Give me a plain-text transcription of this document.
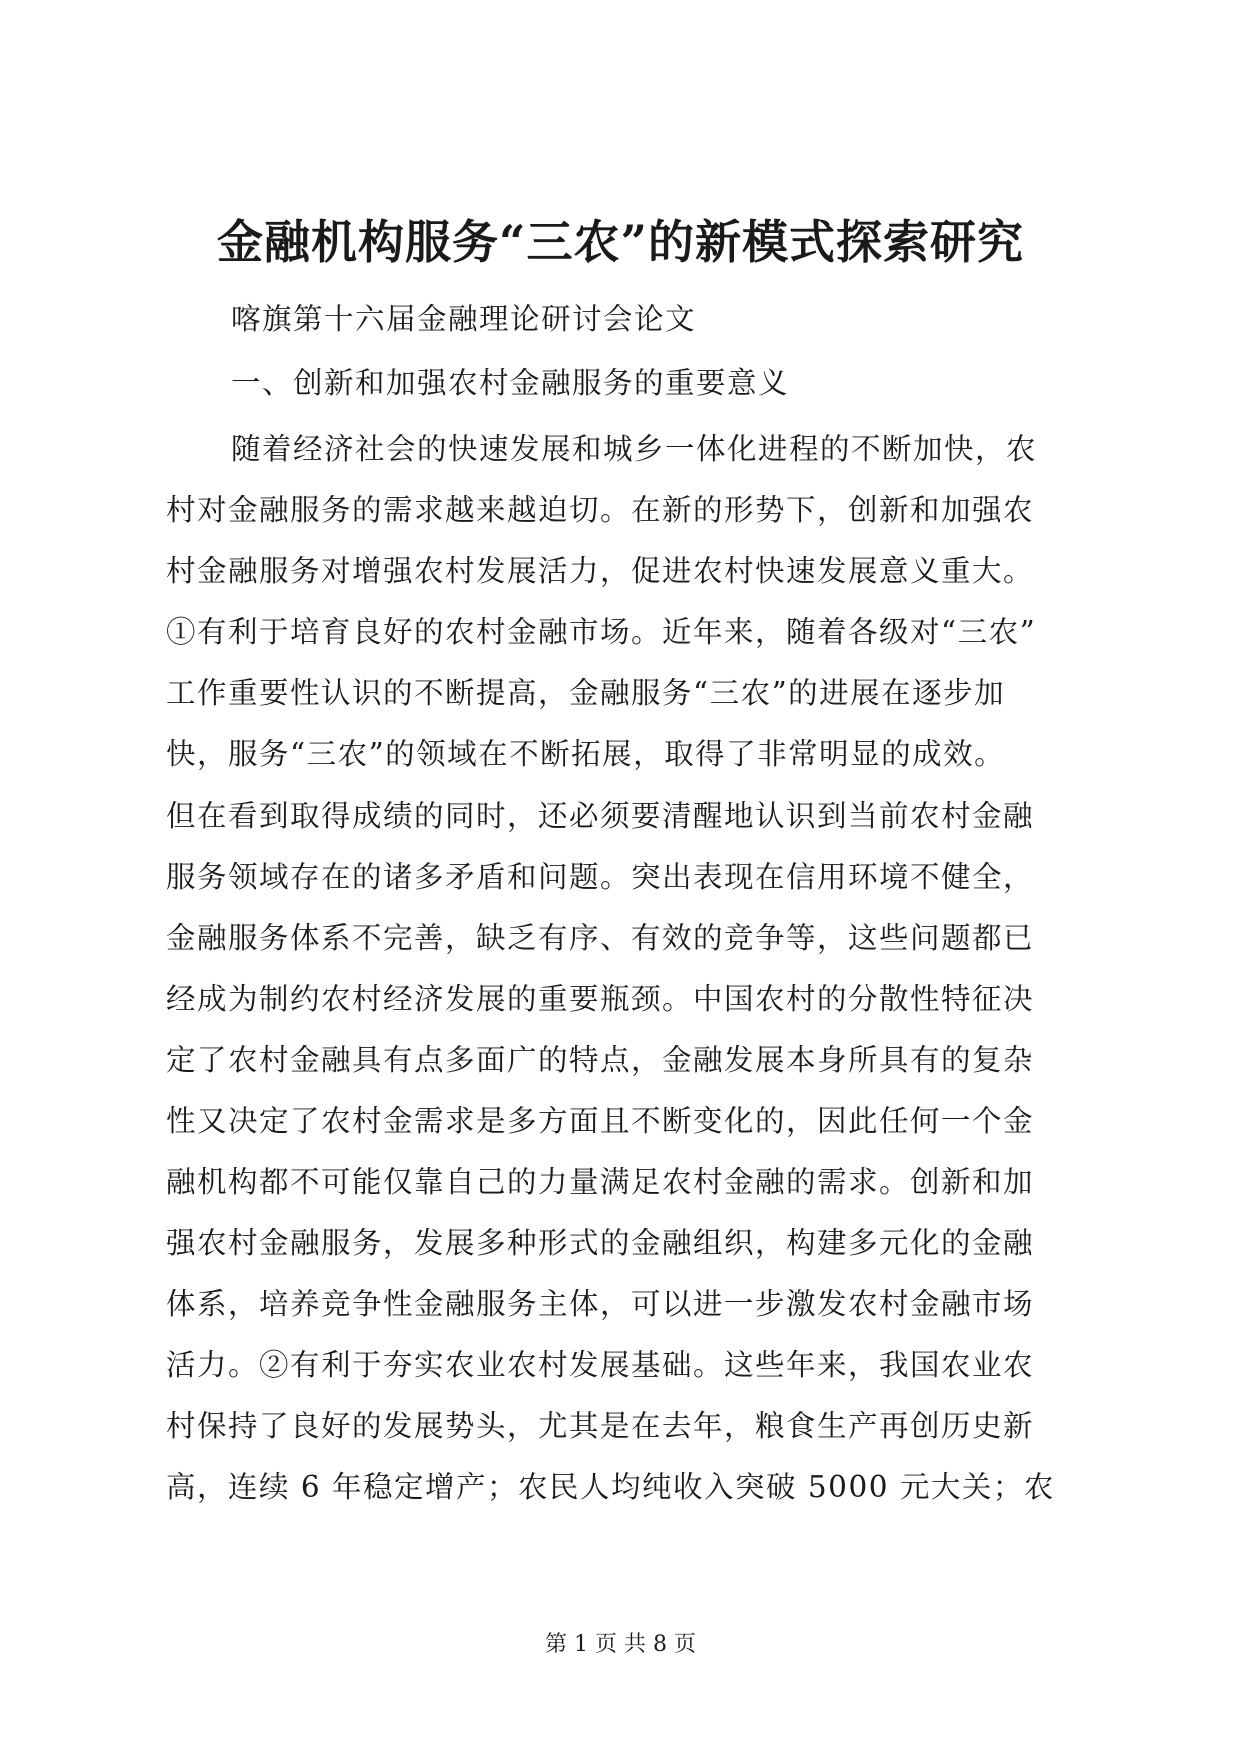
金融机构服务“三农”的新模式探索研究
喀旗第十六届金融理论研讨会论文
一、创新和加强农村金融服务的重要意义
随着经济社会的快速发展和城乡一体化进程的不断加快，农
村对金融服务的需求越来越迫切。在新的形势下，创新和加强农
村金融服务对增强农村发展活力，促进农村快速发展意义重大。
①有利于培育良好的农村金融市场。近年来，随着各级对“三农”
工作重要性认识的不断提高，金融服务“三农”的进展在逐步加
快，服务“三农”的领域在不断拓展，取得了非常明显的成效。
但在看到取得成绩的同时，还必须要清醒地认识到当前农村金融
服务领域存在的诸多矛盾和问题。突出表现在信用环境不健全，
金融服务体系不完善，缺乏有序、有效的竞争等，这些问题都已
经成为制约农村经济发展的重要瓶颈。中国农村的分散性特征决
定了农村金融具有点多面广的特点，金融发展本身所具有的复杂
性又决定了农村金需求是多方面且不断变化的，因此任何一个金
融机构都不可能仅靠自己的力量满足农村金融的需求。创新和加
强农村金融服务，发展多种形式的金融组织，构建多元化的金融
体系，培养竞争性金融服务主体，可以进一步激发农村金融市场
活力。②有利于夯实农业农村发展基础。这些年来，我国农业农
村保持了良好的发展势头，尤其是在去年，粮食生产再创历史新
高，连续 6 年稳定增产；农民人均纯收入突破 5000 元大关；农
第 1 页 共 8 页
